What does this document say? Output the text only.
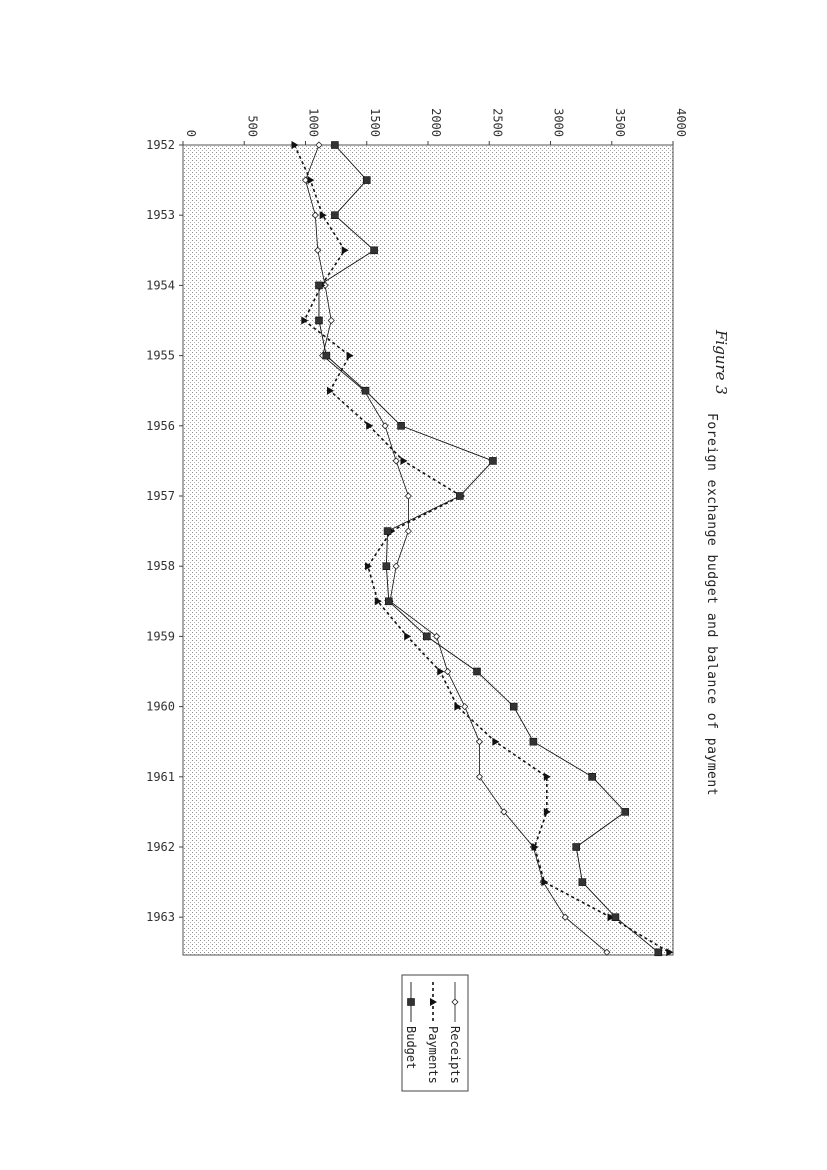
0	500	1000	1500	2000	2500	3000	3500	4000
1952
1953
1954
1955
1956
1957
1958
1959
1960
1961
1962
1963
Figure 3
Foreign exchange budget and balance of payment
Receipts
Payments
Budget
